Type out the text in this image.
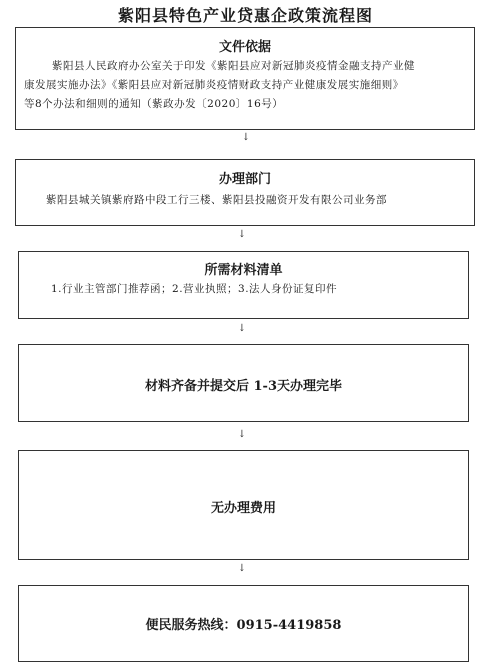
紫阳县特色产业贷惠企政策流程图
文件依据
紫阳县人民政府办公室关于印发《紫阳县应对新冠肺炎疫情金融支持产业健
康发展实施办法》《紫阳县应对新冠肺炎疫情财政支持产业健康发展实施细则》
等8个办法和细则的通知（紫政办发〔2020〕16号）
↓
办理部门
紫阳县城关镇紫府路中段工行三楼、紫阳县投融资开发有限公司业务部
↓
所需材料清单
1.行业主管部门推荐函；2.营业执照；3.法人身份证复印件
↓
材料齐备并提交后 1-3天办理完毕
↓
无办理费用
↓
便民服务热线：0915-4419858
